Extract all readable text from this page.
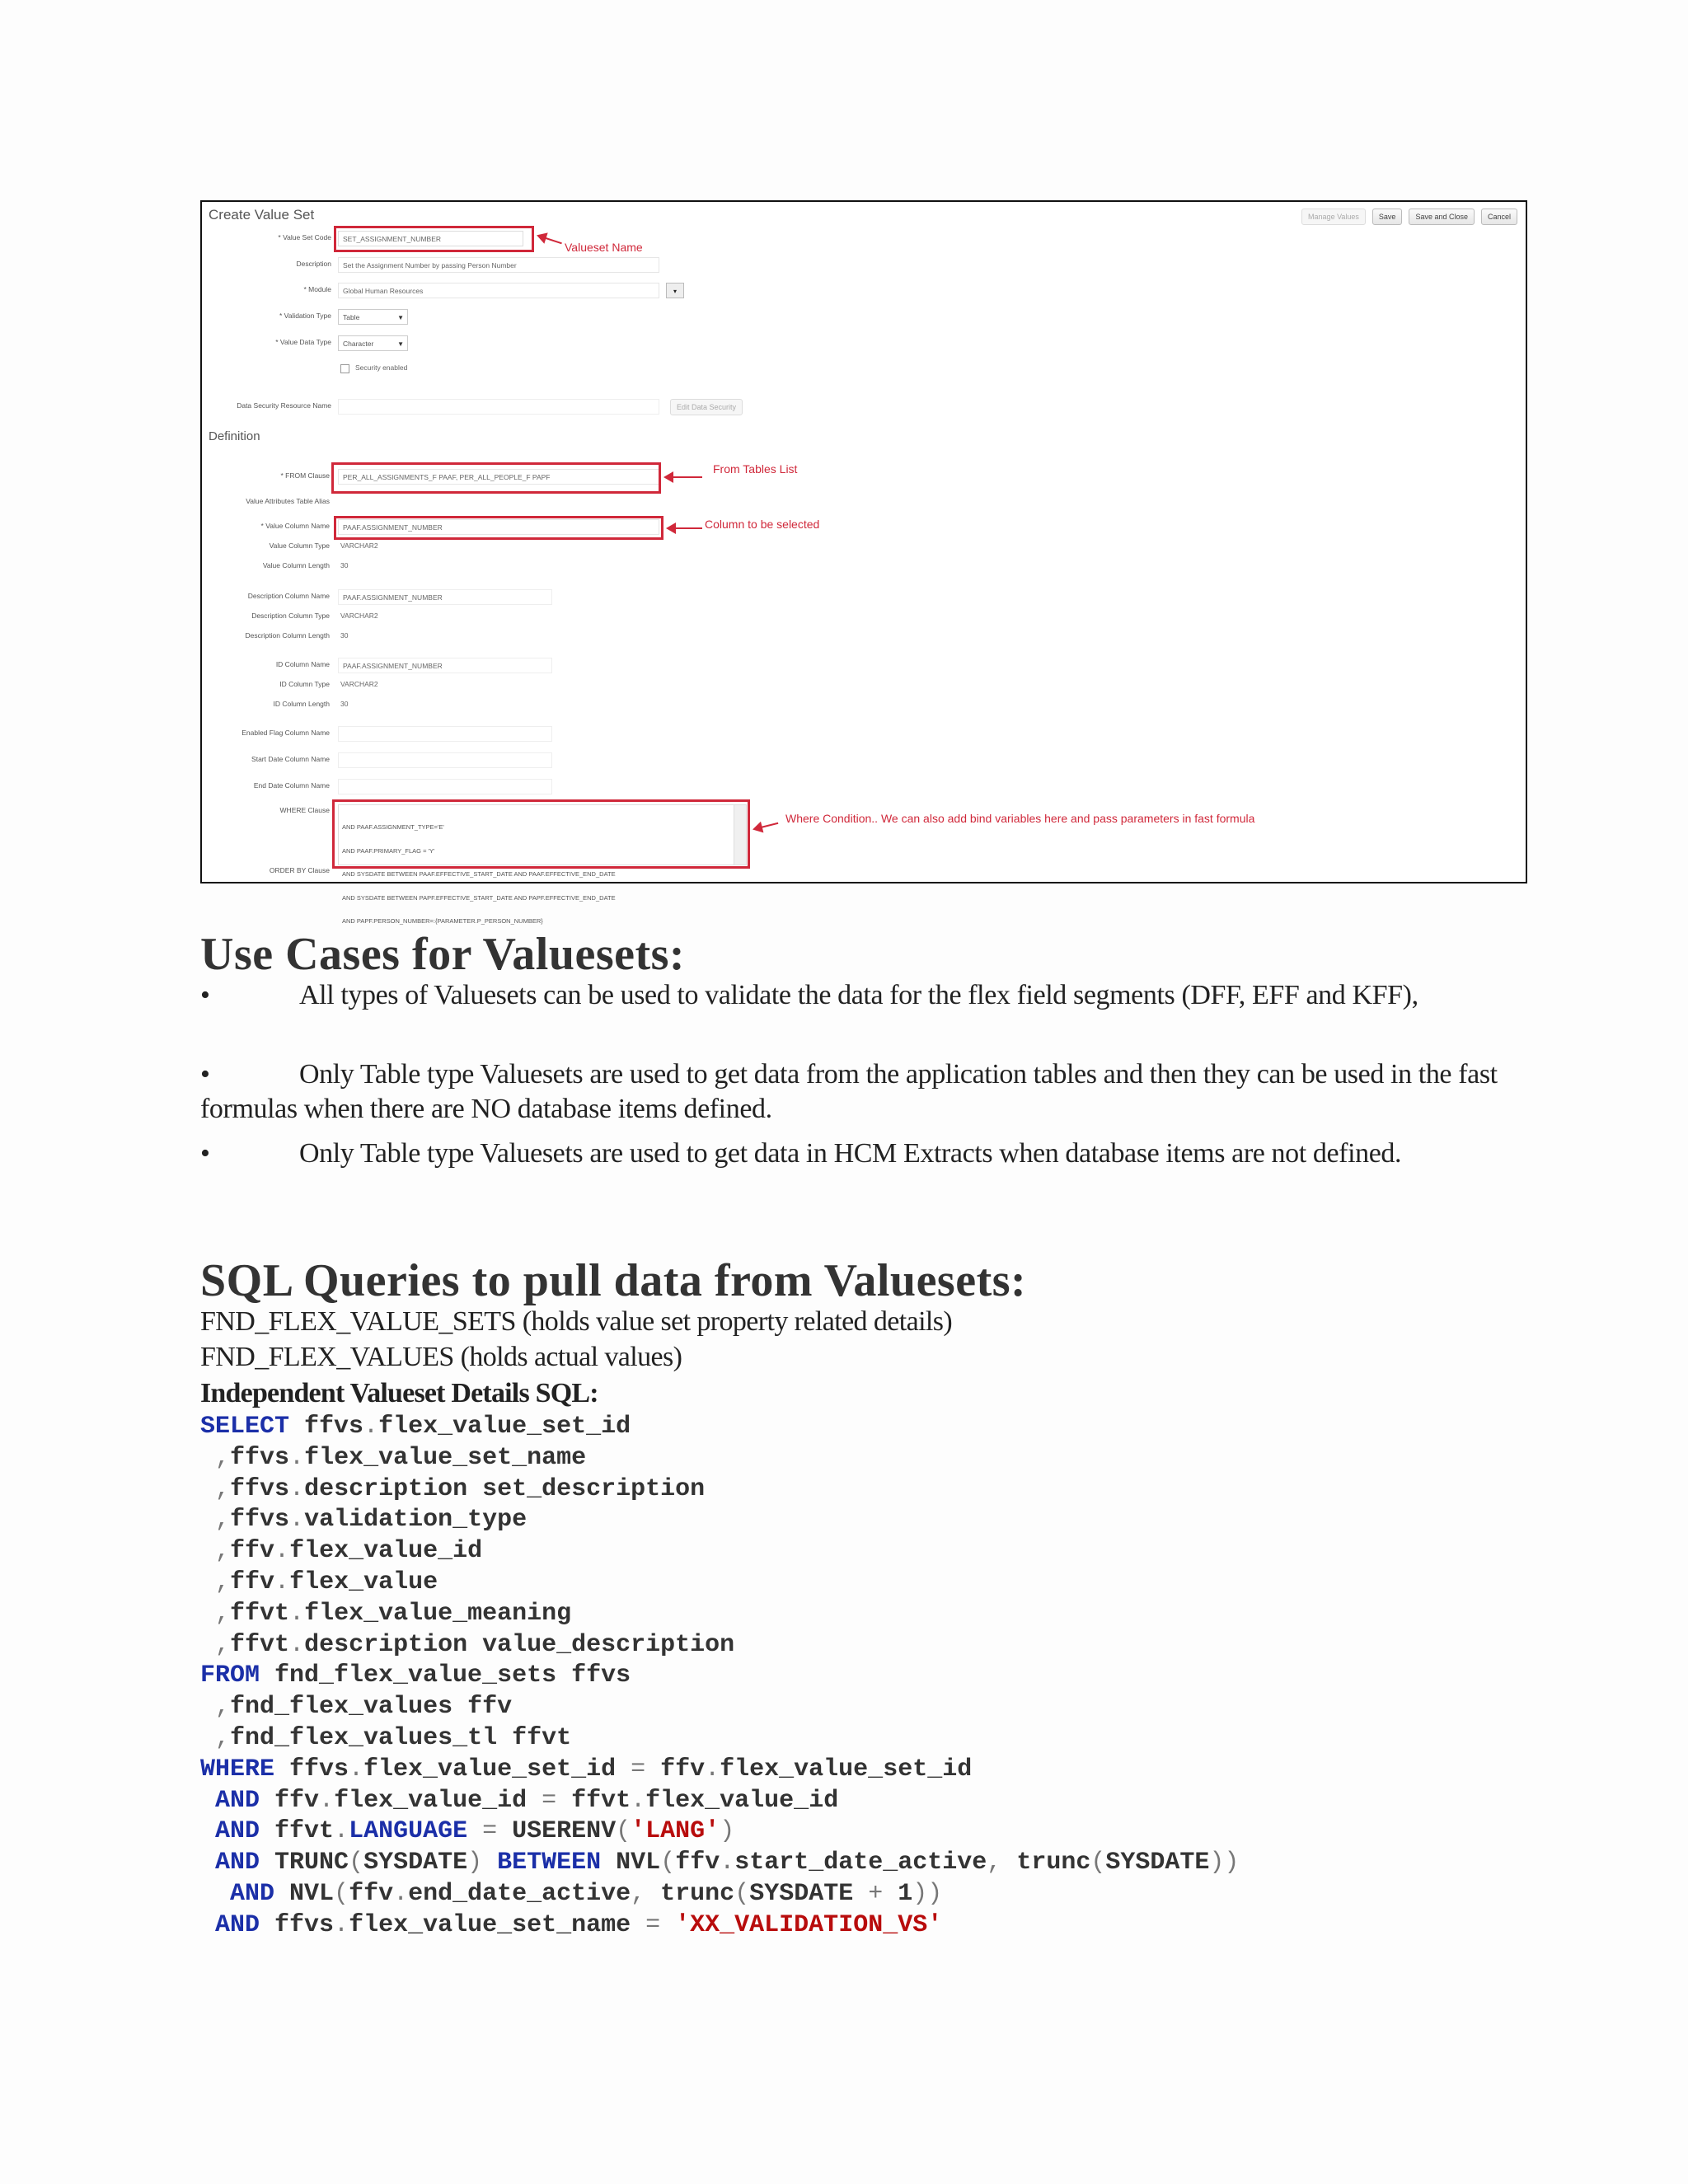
Create Value Set	Manage Values	Save	Save and Close	Cancel
* Value Set Code	SET_ASSIGNMENT_NUMBER
Valueset Name
Description	Set the Assignment Number by passing Person Number
* Module	Global Human Resources	▾
* Validation Type	Table	▼
* Value Data Type	Character	▼
Security enabled
Data Security Resource Name	Edit Data Security
Definition
* FROM Clause	PER_ALL_ASSIGNMENTS_F PAAF, PER_ALL_PEOPLE_F PAPF
From Tables List
Value Attributes Table Alias
* Value Column Name	PAAF.ASSIGNMENT_NUMBER	Column to be selected
Value Column Type VARCHAR2
Value Column Length 30
Description Column Name	PAAF.ASSIGNMENT_NUMBER
Description Column Type VARCHAR2
Description Column Length 30
ID Column Name	PAAF.ASSIGNMENT_NUMBER
ID Column Type VARCHAR2
ID Column Length 30
Enabled Flag Column Name
Start Date Column Name
End Date Column Name
WHERE Clause

AND PAAF.ASSIGNMENT_TYPE='E'

AND PAAF.PRIMARY_FLAG = 'Y'

AND SYSDATE BETWEEN PAAF.EFFECTIVE_START_DATE AND PAAF.EFFECTIVE_END_DATE

AND SYSDATE BETWEEN PAPF.EFFECTIVE_START_DATE AND PAPF.EFFECTIVE_END_DATE

AND PAPF.PERSON_NUMBER=:{PARAMETER.P_PERSON_NUMBER}

Where Condition.. We can also add bind variables here and pass parameters in fast formula
ORDER BY Clause
Use Cases for Valuesets:
•	All types of Valuesets can be used to validate the data for the flex field segments (DFF, EFF and KFF),
•	Only Table type Valuesets are used to get data from the application tables and then they can be used in the fast formulas when there are NO database items defined.
•	Only Table type Valuesets are used to get data in HCM Extracts when database items are not defined.
SQL Queries to pull data from Valuesets:
FND_FLEX_VALUE_SETS (holds value set property related details)
FND_FLEX_VALUES (holds actual values)
Independent Valueset Details SQL:
SELECT ffvs.flex_value_set_id
,ffvs.flex_value_set_name
,ffvs.description set_description
,ffvs.validation_type
,ffv.flex_value_id
,ffv.flex_value
,ffvt.flex_value_meaning
,ffvt.description value_description
FROM fnd_flex_value_sets ffvs
,fnd_flex_values ffv
,fnd_flex_values_tl ffvt
WHERE ffvs.flex_value_set_id = ffv.flex_value_set_id
AND ffv.flex_value_id = ffvt.flex_value_id
AND ffvt.LANGUAGE = USERENV('LANG')
AND TRUNC(SYSDATE) BETWEEN NVL(ffv.start_date_active, trunc(SYSDATE))
AND NVL(ffv.end_date_active, trunc(SYSDATE + 1))
AND ffvs.flex_value_set_name = 'XX_VALIDATION_VS'
